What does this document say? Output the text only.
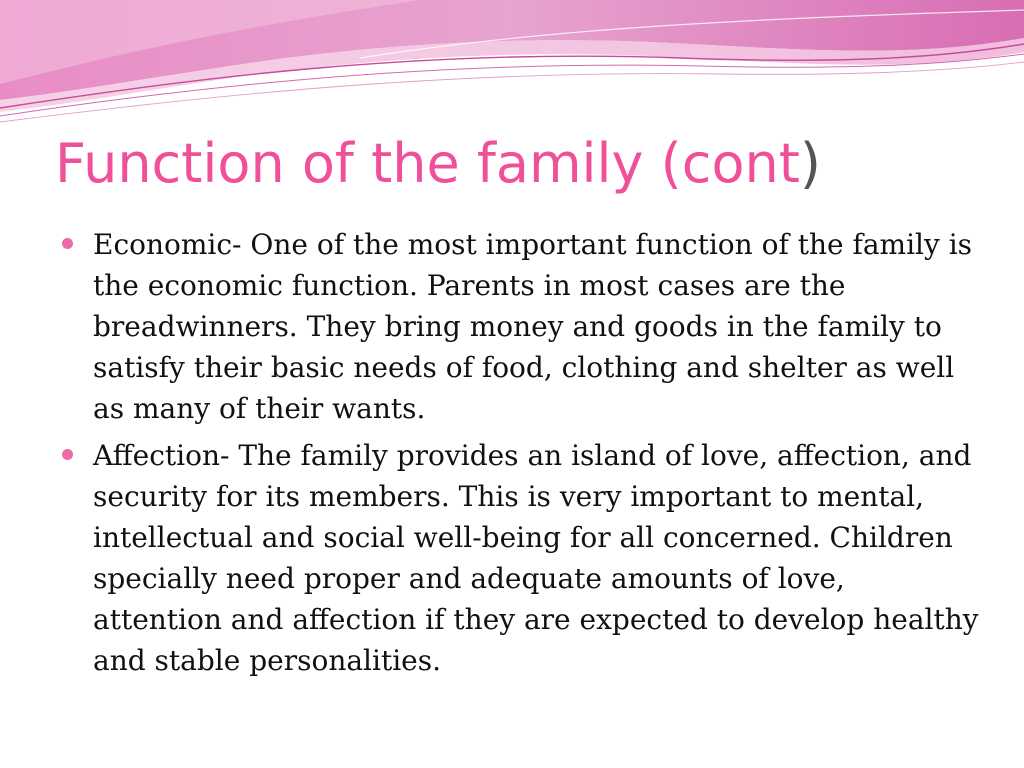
Function of the family (cont)
Economic- One of the most important function of the family is the economic function. Parents in most cases are the breadwinners. They bring money and goods in the family to satisfy their basic needs of food, clothing and shelter as well as many of their wants.
Affection- The family provides an island of love, affection, and security for its members. This is very important to mental, intellectual and social well-being for all concerned. Children specially need proper and adequate amounts of love, attention and affection if they are expected to develop healthy and stable personalities.
